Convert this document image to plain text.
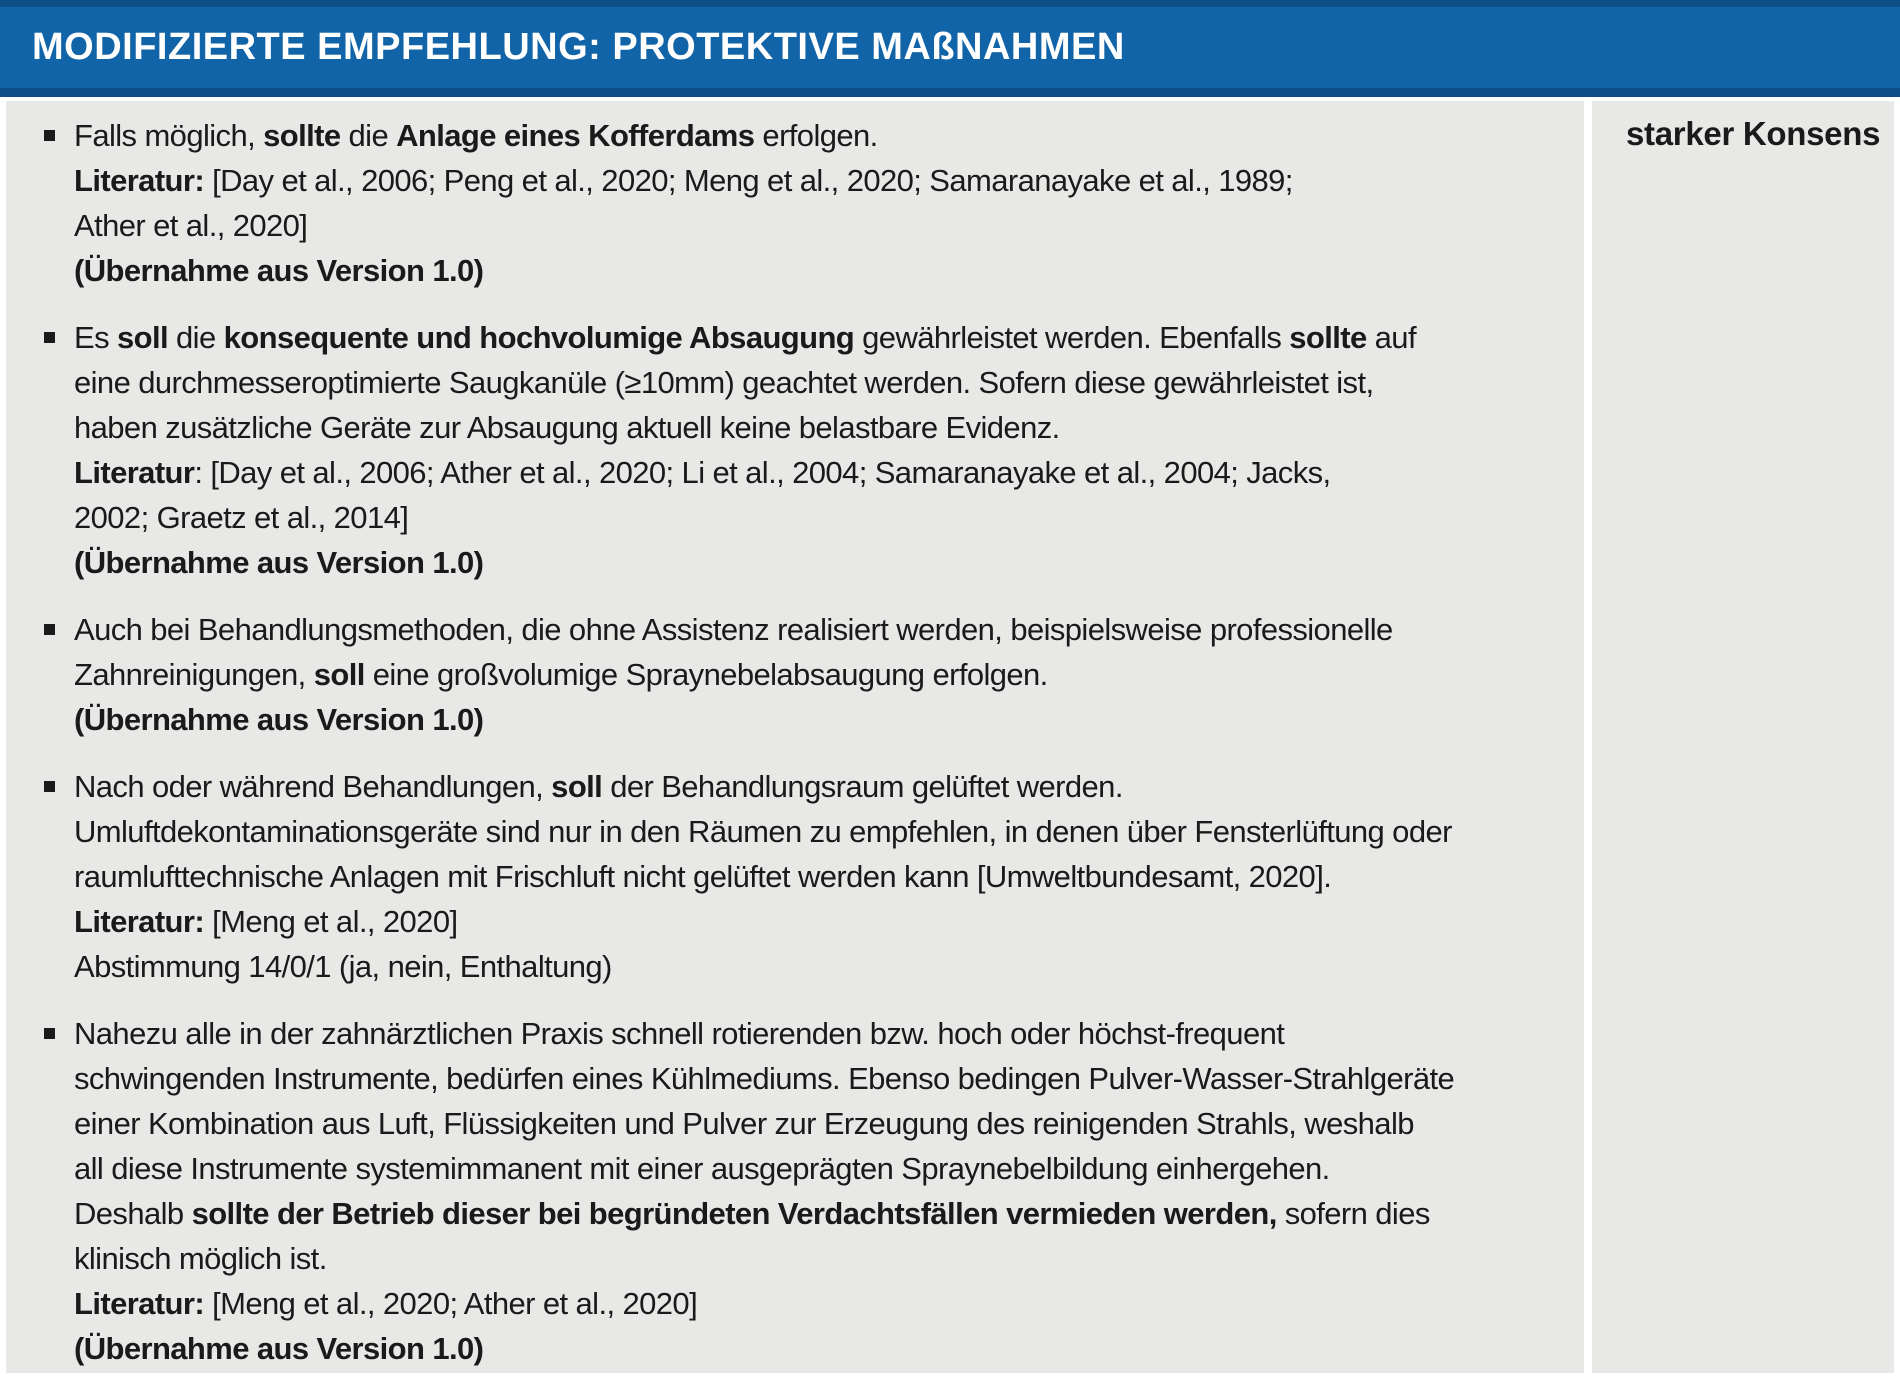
MODIFIZIERTE EMPFEHLUNG: PROTEKTIVE MAßNAHMEN
Falls möglich, sollte die Anlage eines Kofferdams erfolgen.
Literatur: [Day et al., 2006; Peng et al., 2020; Meng et al., 2020; Samaranayake et al., 1989;
Ather et al., 2020]
(Übernahme aus Version 1.0)
Es soll die konsequente und hochvolumige Absaugung gewährleistet werden. Ebenfalls sollte auf
eine durchmesseroptimierte Saugkanüle (≥10mm) geachtet werden. Sofern diese gewährleistet ist,
haben zusätzliche Geräte zur Absaugung aktuell keine belastbare Evidenz.
Literatur: [Day et al., 2006; Ather et al., 2020; Li et al., 2004; Samaranayake et al., 2004; Jacks,
2002; Graetz et al., 2014]
(Übernahme aus Version 1.0)
Auch bei Behandlungsmethoden, die ohne Assistenz realisiert werden, beispielsweise professionelle
Zahnreinigungen, soll eine großvolumige Spraynebelabsaugung erfolgen.
(Übernahme aus Version 1.0)
Nach oder während Behandlungen, soll der Behandlungsraum gelüftet werden.
Umluftdekontaminationsgeräte sind nur in den Räumen zu empfehlen, in denen über Fensterlüftung oder
raumlufttechnische Anlagen mit Frischluft nicht gelüftet werden kann [Umweltbundesamt, 2020].
Literatur: [Meng et al., 2020]
Abstimmung 14/0/1 (ja, nein, Enthaltung)
Nahezu alle in der zahnärztlichen Praxis schnell rotierenden bzw. hoch oder höchst-frequent
schwingenden Instrumente, bedürfen eines Kühlmediums. Ebenso bedingen Pulver-Wasser-Strahlgeräte
einer Kombination aus Luft, Flüssigkeiten und Pulver zur Erzeugung des reinigenden Strahls, weshalb
all diese Instrumente systemimmanent mit einer ausgeprägten Spraynebelbildung einhergehen.
Deshalb sollte der Betrieb dieser bei begründeten Verdachtsfällen vermieden werden, sofern dies
klinisch möglich ist.
Literatur: [Meng et al., 2020; Ather et al., 2020]
(Übernahme aus Version 1.0)
starker Konsens
